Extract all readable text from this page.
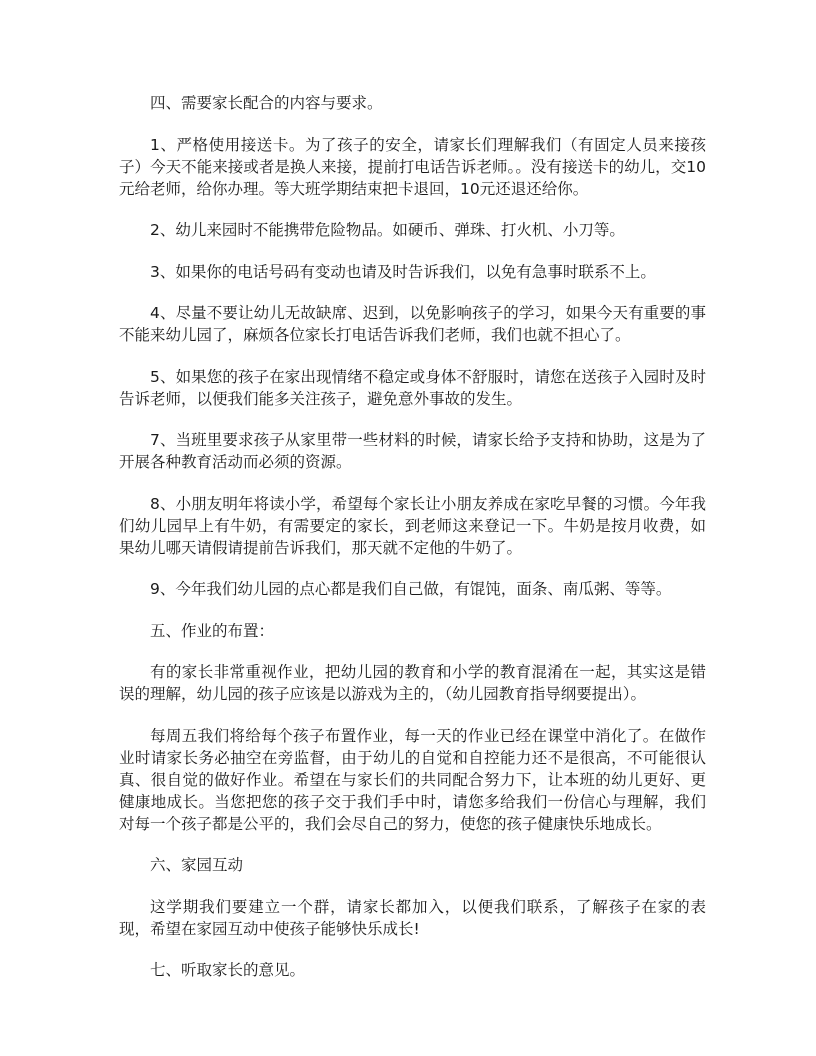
四、需要家长配合的内容与要求。

1、严格使用接送卡。为了孩子的安全，请家长们理解我们（有固定人员来接孩子）今天不能来接或者是换人来接，提前打电话告诉老师。。没有接送卡的幼儿，交10元给老师，给你办理。等大班学期结束把卡退回，10元还退还给你。

2、幼儿来园时不能携带危险物品。如硬币、弹珠、打火机、小刀等。

3、如果你的电话号码有变动也请及时告诉我们，以免有急事时联系不上。

4、尽量不要让幼儿无故缺席、迟到，以免影响孩子的学习，如果今天有重要的事不能来幼儿园了，麻烦各位家长打电话告诉我们老师，我们也就不担心了。

5、如果您的孩子在家出现情绪不稳定或身体不舒服时，请您在送孩子入园时及时告诉老师，以便我们能多关注孩子，避免意外事故的发生。

7、当班里要求孩子从家里带一些材料的时候，请家长给予支持和协助，这是为了开展各种教育活动而必须的资源。

8、小朋友明年将读小学，希望每个家长让小朋友养成在家吃早餐的习惯。今年我们幼儿园早上有牛奶，有需要定的家长，到老师这来登记一下。牛奶是按月收费，如果幼儿哪天请假请提前告诉我们，那天就不定他的牛奶了。

9、今年我们幼儿园的点心都是我们自己做，有馄饨，面条、南瓜粥、等等。

五、作业的布置：

有的家长非常重视作业，把幼儿园的教育和小学的教育混淆在一起，其实这是错误的理解，幼儿园的孩子应该是以游戏为主的，（幼儿园教育指导纲要提出）。

每周五我们将给每个孩子布置作业，每一天的作业已经在课堂中消化了。在做作业时请家长务必抽空在旁监督，由于幼儿的自觉和自控能力还不是很高，不可能很认真、很自觉的做好作业。希望在与家长们的共同配合努力下，让本班的幼儿更好、更健康地成长。当您把您的孩子交于我们手中时，请您多给我们一份信心与理解，我们对每一个孩子都是公平的，我们会尽自己的努力，使您的孩子健康快乐地成长。

六、家园互动

这学期我们要建立一个群，请家长都加入，以便我们联系，了解孩子在家的表现，希望在家园互动中使孩子能够快乐成长!

七、听取家长的意见。
